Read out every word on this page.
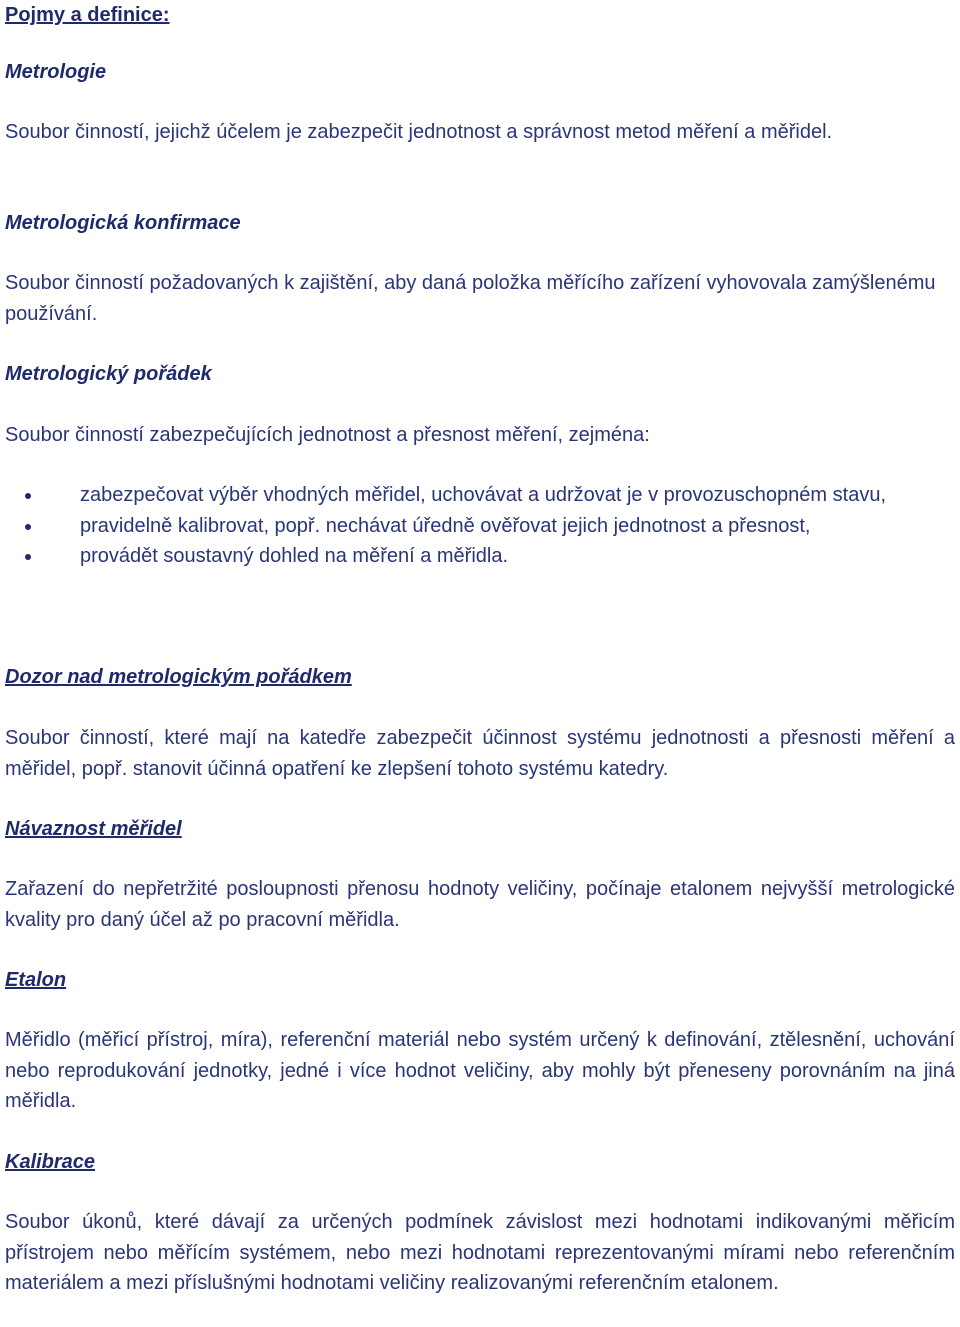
Pojmy a definice:
Metrologie

Soubor činností, jejichž účelem je zabezpečit jednotnost a správnost metod měření a měřidel.

Metrologická konfirmace

Soubor činností požadovaných k zajištění, aby daná položka měřícího zařízení vyhovovala zamýšlenému používání.

Metrologický pořádek

Soubor činností zabezpečujících jednotnost a přesnost měření, zejména:

zabezpečovat výběr vhodných měřidel, uchovávat a udržovat je v provozuschopném stavu,
pravidelně kalibrovat, popř. nechávat úředně ověřovat jejich jednotnost a přesnost,
provádět soustavný dohled na měření a měřidla.
Dozor nad metrologickým pořádkem

Soubor činností, které mají na katedře zabezpečit účinnost systému jednotnosti a přesnosti měření a měřidel, popř. stanovit účinná opatření ke zlepšení tohoto systému katedry.

Návaznost měřidel

Zařazení do nepřetržité posloupnosti přenosu hodnoty veličiny, počínaje etalonem nejvyšší metrologické kvality pro daný účel až po pracovní měřidla.

Etalon

Měřidlo (měřicí přístroj, míra), referenční materiál nebo systém určený k definování, ztělesnění, uchování nebo reprodukování jednotky, jedné i více hodnot veličiny, aby mohly být přeneseny porovnáním na jiná měřidla.

Kalibrace

Soubor úkonů, které dávají za určených podmínek závislost mezi hodnotami indikovanými měřicím přístrojem nebo měřícím systémem, nebo mezi hodnotami reprezentovanými mírami nebo referenčním materiálem a mezi příslušnými hodnotami veličiny realizovanými referenčním etalonem.
